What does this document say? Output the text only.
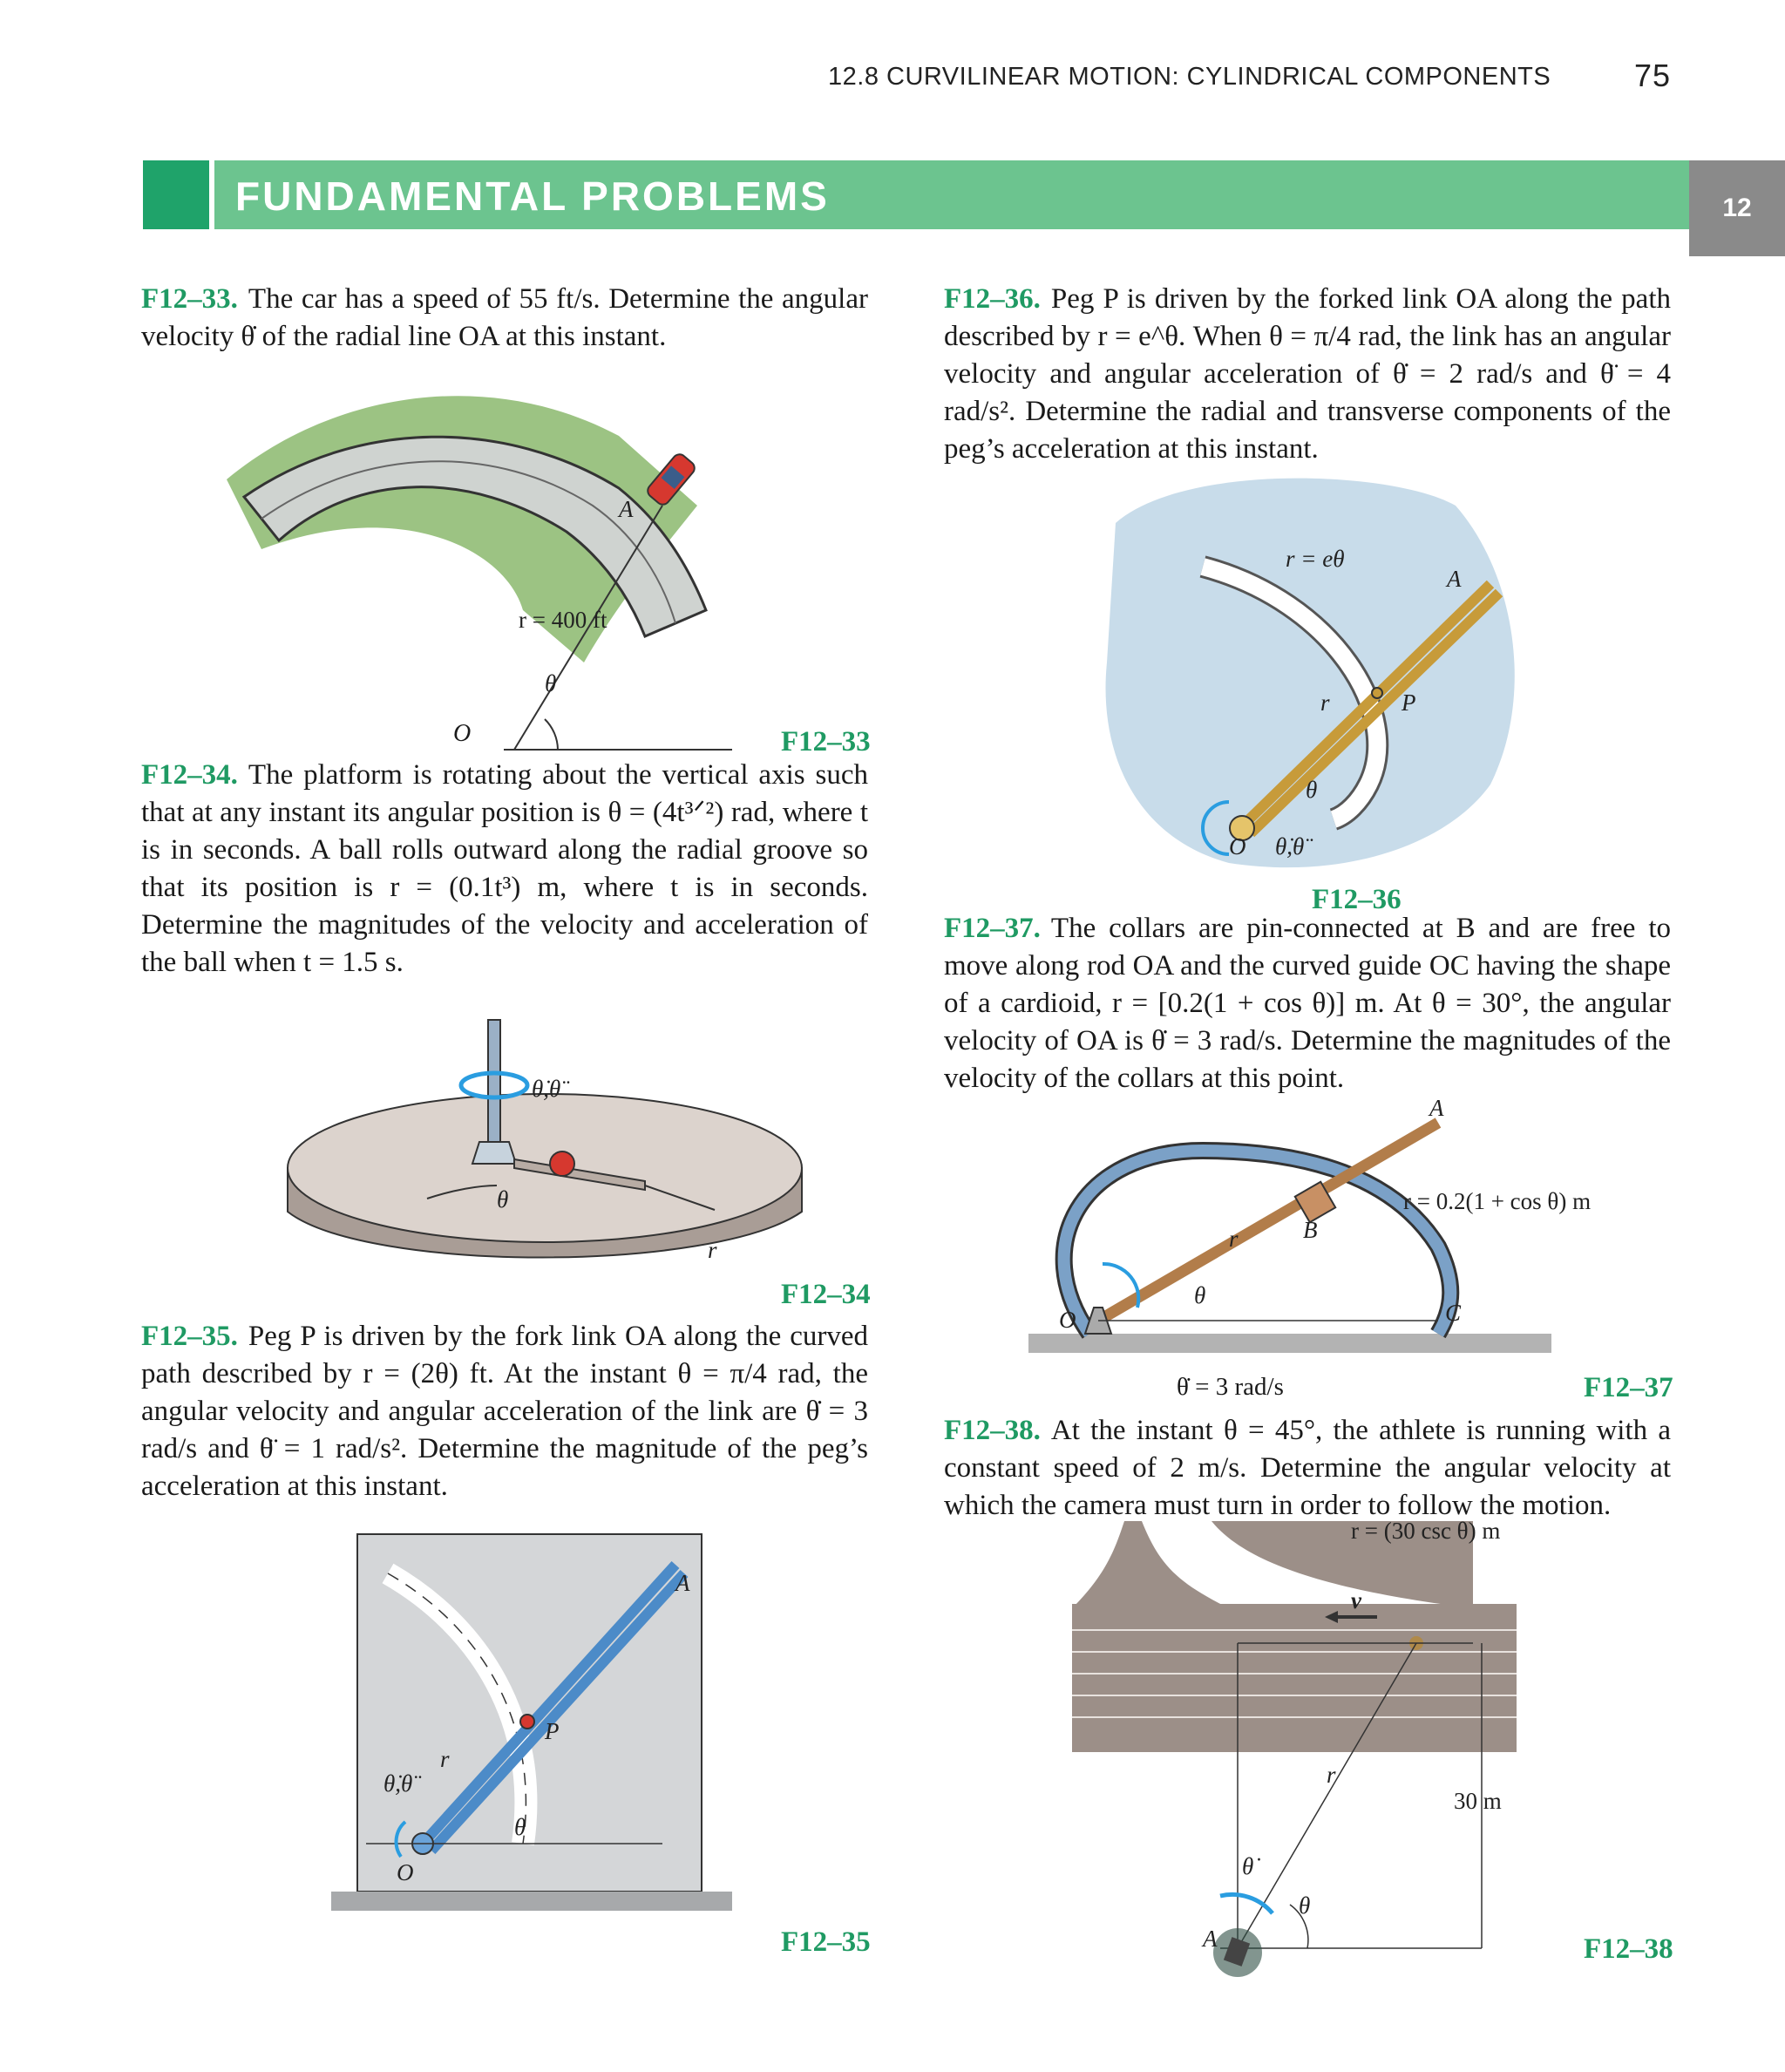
12.8 CURVILINEAR MOTION: CYLINDRICAL COMPONENTS	75
FUNDAMENTAL PROBLEMS	12
F12–33. The car has a speed of 55 ft/s. Determine the angular velocity θ̇ of the radial line OA at this instant.
A
r = 400 ft
θ
O	F12–33
F12–34. The platform is rotating about the vertical axis such that at any instant its angular position is θ = (4t³ᐟ²) rad, where t is in seconds. A ball rolls outward along the radial groove so that its position is r = (0.1t³) m, where t is in seconds. Determine the magnitudes of the velocity and acceleration of the ball when t = 1.5 s.
θ̇,θ̈
θ
r
F12–34
F12–35. Peg P is driven by the fork link OA along the curved path described by r = (2θ) ft. At the instant θ = π/4 rad, the angular velocity and angular acceleration of the link are θ̇ = 3 rad/s and θ̈ = 1 rad/s². Determine the magnitude of the peg’s acceleration at this instant.
A
P
r
θ̇,θ̈
θ
O
F12–35
F12–36. Peg P is driven by the forked link OA along the path described by r = e^θ. When θ = π/4 rad, the link has an angular velocity and angular acceleration of θ̇ = 2 rad/s and θ̈ = 4 rad/s². Determine the radial and transverse components of the peg’s acceleration at this instant.
r = eθ
A
r	P
θ
O θ̇,θ̈
F12–36
F12–37. The collars are pin-connected at B and are free to move along rod OA and the curved guide OC having the shape of a cardioid, r = [0.2(1 + cos θ)] m. At θ = 30°, the angular velocity of OA is θ̇ = 3 rad/s. Determine the magnitudes of the velocity of the collars at this point.
A
r = 0.2(1 + cos θ) m
r	B
θ
O	C
θ̇ = 3 rad/s	F12–37
F12–38. At the instant θ = 45°, the athlete is running with a constant speed of 2 m/s. Determine the angular velocity at which the camera must turn in order to follow the motion.
r = (30 csc θ) m
v
r
30 m
θ̇
θ
A	F12–38
